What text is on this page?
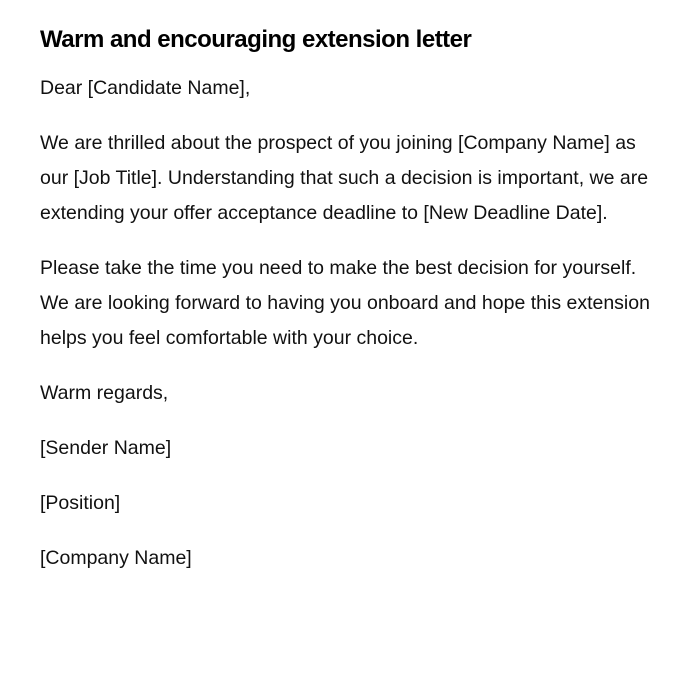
Warm and encouraging extension letter

Dear [Candidate Name],

We are thrilled about the prospect of you joining [Company Name] as our [Job Title]. Understanding that such a decision is important, we are extending your offer acceptance deadline to [New Deadline Date].

Please take the time you need to make the best decision for yourself. We are looking forward to having you onboard and hope this extension helps you feel comfortable with your choice.

Warm regards,

[Sender Name]

[Position]

[Company Name]
